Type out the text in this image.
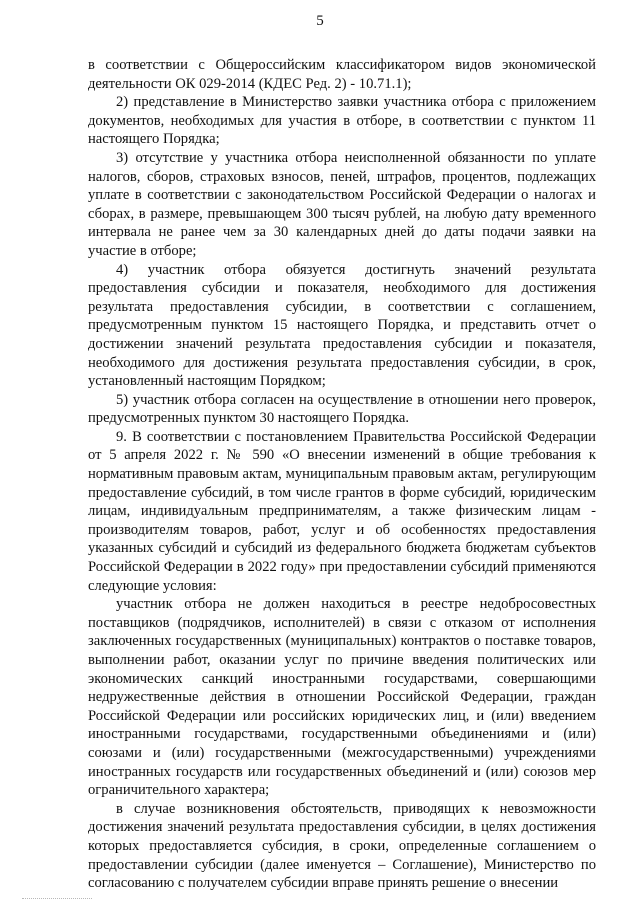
5

в соответствии с Общероссийским классификатором видов экономической деятельности ОК 029-2014 (КДЕС Ред. 2) - 10.71.1);

2) представление в Министерство заявки участника отбора с приложением документов, необходимых для участия в отборе, в соответствии с пунктом 11 настоящего Порядка;

3) отсутствие у участника отбора неисполненной обязанности по уплате налогов, сборов, страховых взносов, пеней, штрафов, процентов, подлежащих уплате в соответствии с законодательством Российской Федерации о налогах и сборах, в размере, превышающем 300 тысяч рублей, на любую дату временного интервала не ранее чем за 30 календарных дней до даты подачи заявки на участие в отборе;

4) участник отбора обязуется достигнуть значений результата предоставления субсидии и показателя, необходимого для достижения результата предоставления субсидии, в соответствии с соглашением, предусмотренным пунктом 15 настоящего Порядка, и представить отчет о достижении значений результата предоставления субсидии и показателя, необходимого для достижения результата предоставления субсидии, в срок, установленный настоящим Порядком;

5) участник отбора согласен на осуществление в отношении него проверок, предусмотренных пунктом 30 настоящего Порядка.

9. В соответствии с постановлением Правительства Российской Федерации от 5 апреля 2022 г. № 590 «О внесении изменений в общие требования к нормативным правовым актам, муниципальным правовым актам, регулирующим предоставление субсидий, в том числе грантов в форме субсидий, юридическим лицам, индивидуальным предпринимателям, а также физическим лицам - производителям товаров, работ, услуг и об особенностях предоставления указанных субсидий и субсидий из федерального бюджета бюджетам субъектов Российской Федерации в 2022 году» при предоставлении субсидий применяются следующие условия:

участник отбора не должен находиться в реестре недобросовестных поставщиков (подрядчиков, исполнителей) в связи с отказом от исполнения заключенных государственных (муниципальных) контрактов о поставке товаров, выполнении работ, оказании услуг по причине введения политических или экономических санкций иностранными государствами, совершающими недружественные действия в отношении Российской Федерации, граждан Российской Федерации или российских юридических лиц, и (или) введением иностранными государствами, государственными объединениями и (или) союзами и (или) государственными (межгосударственными) учреждениями иностранных государств или государственных объединений и (или) союзов мер ограничительного характера;

в случае возникновения обстоятельств, приводящих к невозможности достижения значений результата предоставления субсидии, в целях достижения которых предоставляется субсидия, в сроки, определенные соглашением о предоставлении субсидии (далее именуется – Соглашение), Министерство по согласованию с получателем субсидии вправе принять решение о внесении
